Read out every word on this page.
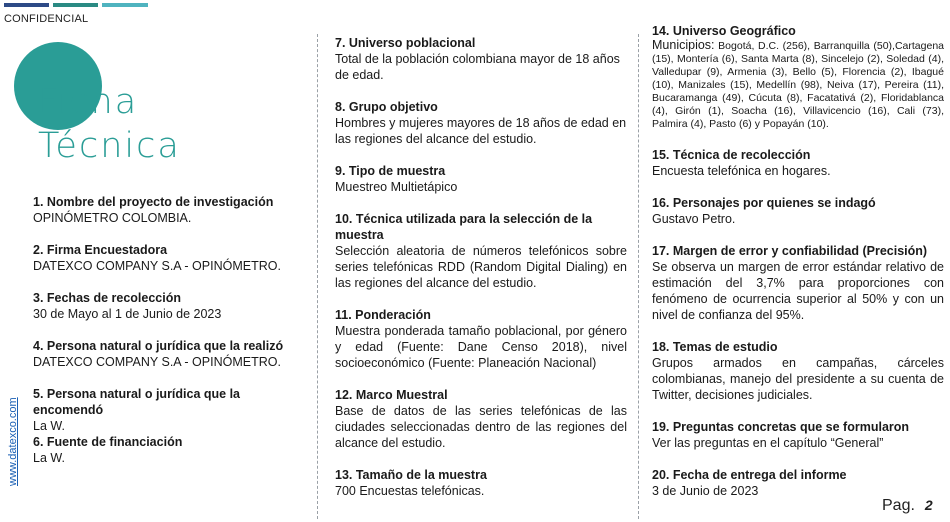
CONFIDENCIAL
Ficha
Técnica
www.datexco.com
1. Nombre del proyecto de investigación
OPINÓMETRO COLOMBIA.
2. Firma Encuestadora
DATEXCO COMPANY S.A - OPINÓMETRO.
3. Fechas de recolección
30 de Mayo al 1 de Junio de 2023
4. Persona natural o jurídica que la realizó
DATEXCO COMPANY S.A - OPINÓMETRO.
5. Persona natural o jurídica que la encomendó
La W.
6. Fuente de financiación
La W.
7. Universo poblacional
Total de la población colombiana mayor de 18 años de edad.
8. Grupo objetivo
Hombres y mujeres mayores de 18 años de edad en las regiones del alcance del estudio.
9. Tipo de muestra
Muestreo Multietápico
10. Técnica utilizada para la selección de la muestra
Selección aleatoria de números telefónicos sobre series telefónicas RDD (Random Digital Dialing) en las regiones del alcance del estudio.
11. Ponderación
Muestra ponderada tamaño poblacional, por género y edad (Fuente: Dane Censo 2018), nivel socioeconómico (Fuente: Planeación Nacional)
12. Marco Muestral
Base de datos de las series telefónicas de las ciudades seleccionadas dentro de las regiones del alcance del estudio.
13. Tamaño de la muestra
700 Encuestas telefónicas.
14. Universo Geográfico
Municipios: Bogotá, D.C. (256), Barranquilla (50),Cartagena (15), Montería (6), Santa Marta (8), Sincelejo (2), Soledad (4), Valledupar (9), Armenia (3), Bello (5), Florencia (2), Ibagué (10), Manizales (15), Medellín (98), Neiva (17), Pereira (11), Bucaramanga (49), Cúcuta (8), Facatativá (2), Floridablanca (4), Girón (1), Soacha (16), Villavicencio (16), Cali (73), Palmira (4), Pasto (6) y Popayán (10).
15. Técnica de recolección
Encuesta telefónica en hogares.
16. Personajes por quienes se indagó
Gustavo Petro.
17. Margen de error y confiabilidad (Precisión)
Se observa un margen de error estándar relativo de estimación del 3,7% para proporciones con fenómeno de ocurrencia superior al 50% y con un nivel de confianza del 95%.
18. Temas de estudio
Grupos armados en campañas, cárceles colombianas, manejo del presidente a su cuenta de Twitter, decisiones judiciales.
19. Preguntas concretas que se formularon
Ver las preguntas en el capítulo “General”
20. Fecha de entrega del informe
3 de Junio de 2023
Pag. 2
